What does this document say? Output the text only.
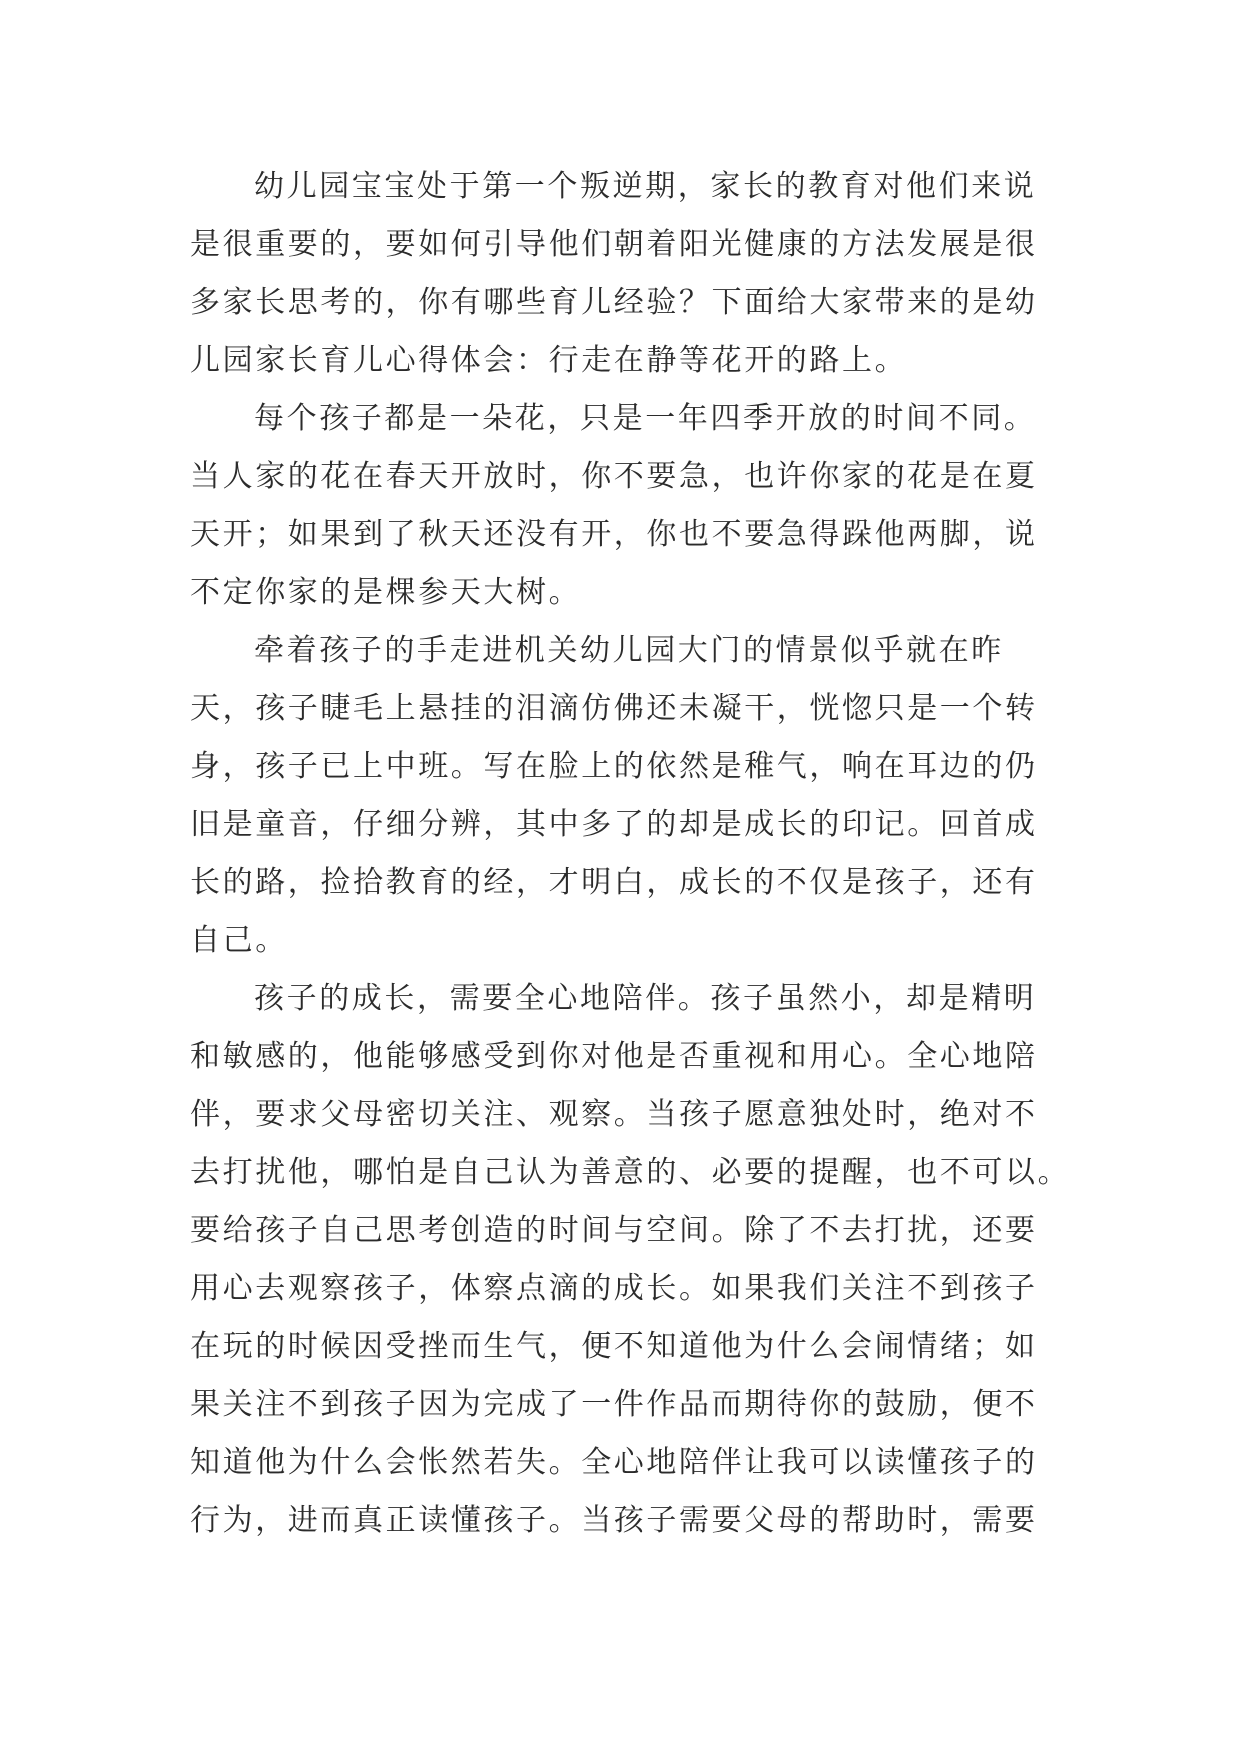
幼儿园宝宝处于第一个叛逆期，家长的教育对他们来说
是很重要的，要如何引导他们朝着阳光健康的方法发展是很
多家长思考的，你有哪些育儿经验？下面给大家带来的是幼
儿园家长育儿心得体会：行走在静等花开的路上。
每个孩子都是一朵花，只是一年四季开放的时间不同。
当人家的花在春天开放时，你不要急，也许你家的花是在夏
天开；如果到了秋天还没有开，你也不要急得跺他两脚，说
不定你家的是棵参天大树。
牵着孩子的手走进机关幼儿园大门的情景似乎就在昨
天，孩子睫毛上悬挂的泪滴仿佛还未凝干，恍惚只是一个转
身，孩子已上中班。写在脸上的依然是稚气，响在耳边的仍
旧是童音，仔细分辨，其中多了的却是成长的印记。回首成
长的路，捡拾教育的经，才明白，成长的不仅是孩子，还有
自己。
孩子的成长，需要全心地陪伴。孩子虽然小，却是精明
和敏感的，他能够感受到你对他是否重视和用心。全心地陪
伴，要求父母密切关注、观察。当孩子愿意独处时，绝对不
去打扰他，哪怕是自己认为善意的、必要的提醒，也不可以。
要给孩子自己思考创造的时间与空间。除了不去打扰，还要
用心去观察孩子，体察点滴的成长。如果我们关注不到孩子
在玩的时候因受挫而生气，便不知道他为什么会闹情绪；如
果关注不到孩子因为完成了一件作品而期待你的鼓励，便不
知道他为什么会怅然若失。全心地陪伴让我可以读懂孩子的
行为，进而真正读懂孩子。当孩子需要父母的帮助时，需要
